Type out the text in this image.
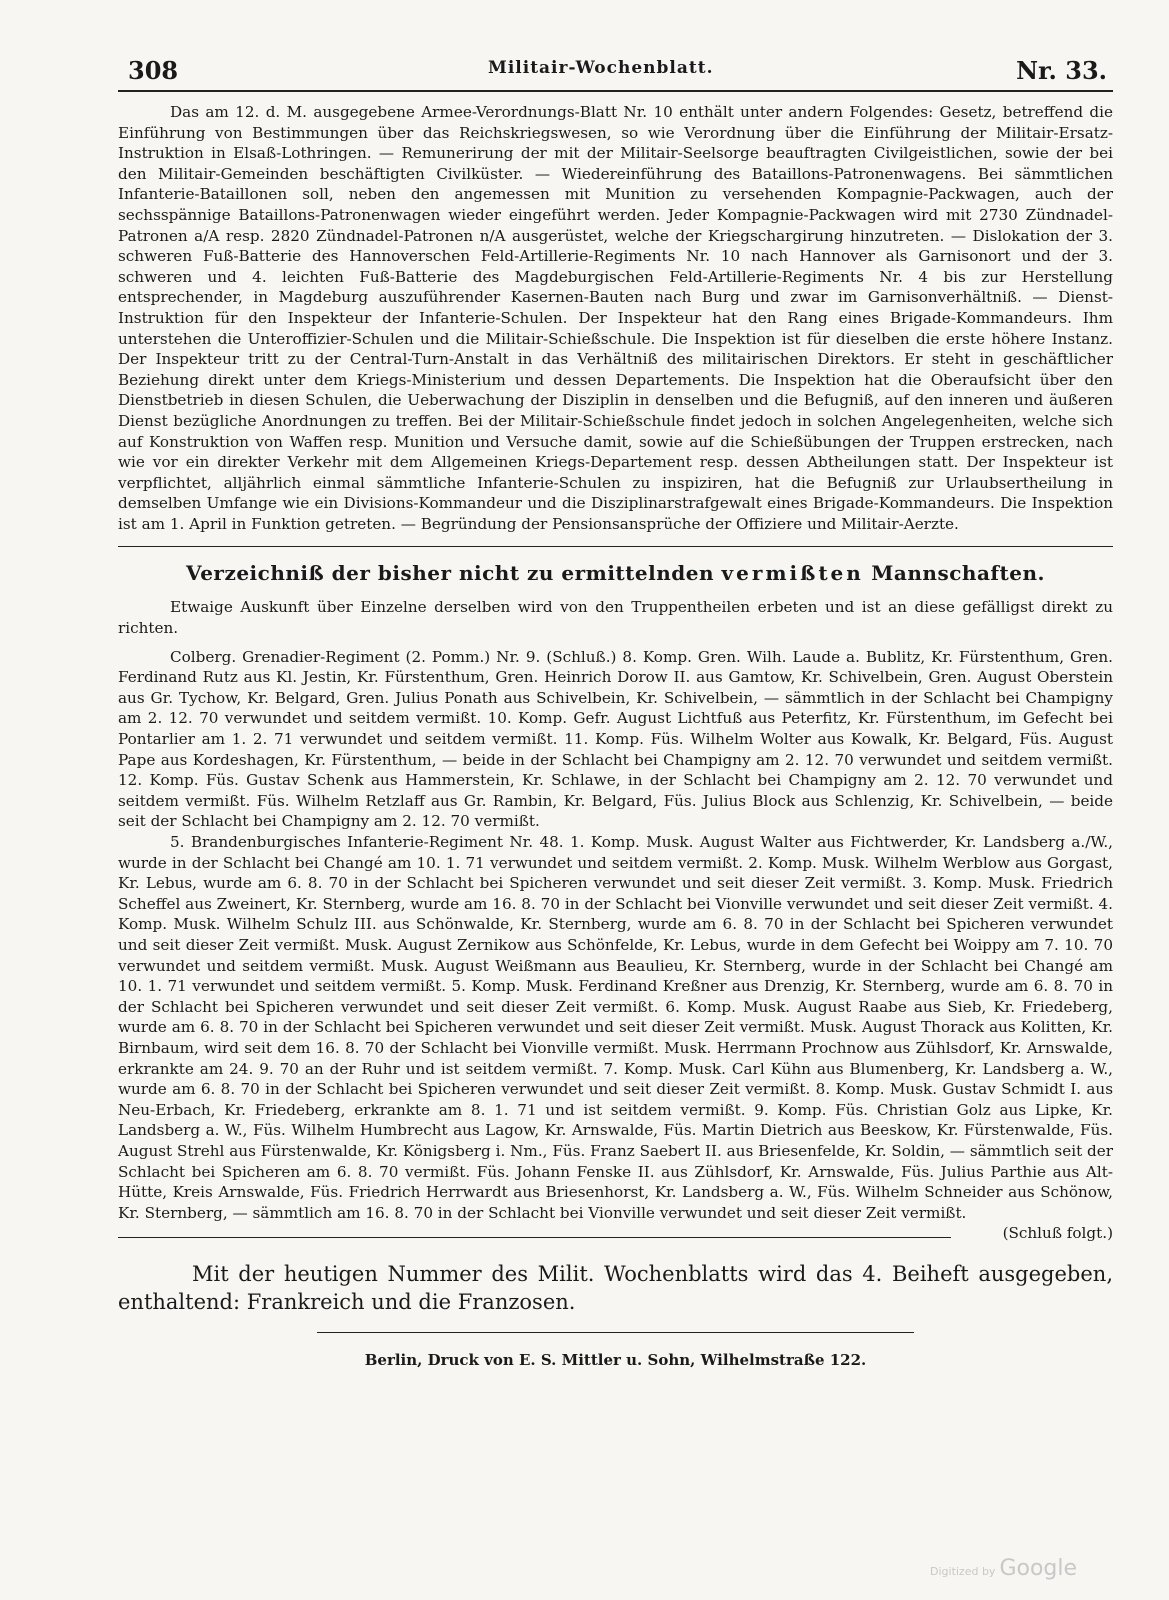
308	Militair-Wochenblatt.	Nr. 33.

Das am 12. d. M. ausgegebene Armee-Verordnungs-Blatt Nr. 10 enthält unter andern Folgendes: Gesetz, betreffend die Einführung von Bestimmungen über das Reichskriegswesen, so wie Verordnung über die Einführung der Militair-Ersatz-Instruktion in Elsaß-Lothringen. — Remunerirung der mit der Militair-Seelsorge beauftragten Civilgeistlichen, sowie der bei den Militair-Gemeinden beschäftigten Civilküster. — Wiedereinführung des Bataillons-Patronenwagens. Bei sämmtlichen Infanterie-Bataillonen soll, neben den angemessen mit Munition zu versehenden Kompagnie-Packwagen, auch der sechsspännige Bataillons-Patronenwagen wieder eingeführt werden. Jeder Kompagnie-Packwagen wird mit 2730 Zündnadel-Patronen a/A resp. 2820 Zündnadel-Patronen n/A ausgerüstet, welche der Kriegschargirung hinzutreten. — Dislokation der 3. schweren Fuß-Batterie des Hannoverschen Feld-Artillerie-Regiments Nr. 10 nach Hannover als Garnisonort und der 3. schweren und 4. leichten Fuß-Batterie des Magdeburgischen Feld-Artillerie-Regiments Nr. 4 bis zur Herstellung entsprechender, in Magdeburg auszuführender Kasernen-Bauten nach Burg und zwar im Garnisonverhältniß. — Dienst-Instruktion für den Inspekteur der Infanterie-Schulen. Der Inspekteur hat den Rang eines Brigade-Kommandeurs. Ihm unterstehen die Unteroffizier-Schulen und die Militair-Schießschule. Die Inspektion ist für dieselben die erste höhere Instanz. Der Inspekteur tritt zu der Central-Turn-Anstalt in das Verhältniß des militairischen Direktors. Er steht in geschäftlicher Beziehung direkt unter dem Kriegs-Ministerium und dessen Departements. Die Inspektion hat die Oberaufsicht über den Dienstbetrieb in diesen Schulen, die Ueberwachung der Disziplin in denselben und die Befugniß, auf den inneren und äußeren Dienst bezügliche Anordnungen zu treffen. Bei der Militair-Schießschule findet jedoch in solchen Angelegenheiten, welche sich auf Konstruktion von Waffen resp. Munition und Versuche damit, sowie auf die Schießübungen der Truppen erstrecken, nach wie vor ein direkter Verkehr mit dem Allgemeinen Kriegs-Departement resp. dessen Abtheilungen statt. Der Inspekteur ist verpflichtet, alljährlich einmal sämmtliche Infanterie-Schulen zu inspiziren, hat die Befugniß zur Urlaubsertheilung in demselben Umfange wie ein Divisions-Kommandeur und die Disziplinarstrafgewalt eines Brigade-Kommandeurs. Die Inspektion ist am 1. April in Funktion getreten. — Begründung der Pensionsansprüche der Offiziere und Militair-Aerzte.

Verzeichniß der bisher nicht zu ermittelnden vermißten Mannschaften.

Etwaige Auskunft über Einzelne derselben wird von den Truppentheilen erbeten und ist an diese gefälligst direkt zu richten.

Colberg. Grenadier-Regiment (2. Pomm.) Nr. 9. (Schluß.) 8. Komp. Gren. Wilh. Laude a. Bublitz, Kr. Fürstenthum, Gren. Ferdinand Rutz aus Kl. Jestin, Kr. Fürstenthum, Gren. Heinrich Dorow II. aus Gamtow, Kr. Schivelbein, Gren. August Oberstein aus Gr. Tychow, Kr. Belgard, Gren. Julius Ponath aus Schivelbein, Kr. Schivelbein, — sämmtlich in der Schlacht bei Champigny am 2. 12. 70 verwundet und seitdem vermißt. 10. Komp. Gefr. August Lichtfuß aus Peterfitz, Kr. Fürstenthum, im Gefecht bei Pontarlier am 1. 2. 71 verwundet und seitdem vermißt. 11. Komp. Füs. Wilhelm Wolter aus Kowalk, Kr. Belgard, Füs. August Pape aus Kordeshagen, Kr. Fürstenthum, — beide in der Schlacht bei Champigny am 2. 12. 70 verwundet und seitdem vermißt. 12. Komp. Füs. Gustav Schenk aus Hammerstein, Kr. Schlawe, in der Schlacht bei Champigny am 2. 12. 70 verwundet und seitdem vermißt. Füs. Wilhelm Retzlaff aus Gr. Rambin, Kr. Belgard, Füs. Julius Block aus Schlenzig, Kr. Schivelbein, — beide seit der Schlacht bei Champigny am 2. 12. 70 vermißt.

5. Brandenburgisches Infanterie-Regiment Nr. 48. 1. Komp. Musk. August Walter aus Fichtwerder, Kr. Landsberg a./W., wurde in der Schlacht bei Changé am 10. 1. 71 verwundet und seitdem vermißt. 2. Komp. Musk. Wilhelm Werblow aus Gorgast, Kr. Lebus, wurde am 6. 8. 70 in der Schlacht bei Spicheren verwundet und seit dieser Zeit vermißt. 3. Komp. Musk. Friedrich Scheffel aus Zweinert, Kr. Sternberg, wurde am 16. 8. 70 in der Schlacht bei Vionville verwundet und seit dieser Zeit vermißt. 4. Komp. Musk. Wilhelm Schulz III. aus Schönwalde, Kr. Sternberg, wurde am 6. 8. 70 in der Schlacht bei Spicheren verwundet und seit dieser Zeit vermißt. Musk. August Zernikow aus Schönfelde, Kr. Lebus, wurde in dem Gefecht bei Woippy am 7. 10. 70 verwundet und seitdem vermißt. Musk. August Weißmann aus Beaulieu, Kr. Sternberg, wurde in der Schlacht bei Changé am 10. 1. 71 verwundet und seitdem vermißt. 5. Komp. Musk. Ferdinand Kreßner aus Drenzig, Kr. Sternberg, wurde am 6. 8. 70 in der Schlacht bei Spicheren verwundet und seit dieser Zeit vermißt. 6. Komp. Musk. August Raabe aus Sieb, Kr. Friedeberg, wurde am 6. 8. 70 in der Schlacht bei Spicheren verwundet und seit dieser Zeit vermißt. Musk. August Thorack aus Kolitten, Kr. Birnbaum, wird seit dem 16. 8. 70 der Schlacht bei Vionville vermißt. Musk. Herrmann Prochnow aus Zühlsdorf, Kr. Arnswalde, erkrankte am 24. 9. 70 an der Ruhr und ist seitdem vermißt. 7. Komp. Musk. Carl Kühn aus Blumenberg, Kr. Landsberg a. W., wurde am 6. 8. 70 in der Schlacht bei Spicheren verwundet und seit dieser Zeit vermißt. 8. Komp. Musk. Gustav Schmidt I. aus Neu-Erbach, Kr. Friedeberg, erkrankte am 8. 1. 71 und ist seitdem vermißt. 9. Komp. Füs. Christian Golz aus Lipke, Kr. Landsberg a. W., Füs. Wilhelm Humbrecht aus Lagow, Kr. Arnswalde, Füs. Martin Dietrich aus Beeskow, Kr. Fürstenwalde, Füs. August Strehl aus Fürstenwalde, Kr. Königsberg i. Nm., Füs. Franz Saebert II. aus Briesenfelde, Kr. Soldin, — sämmtlich seit der Schlacht bei Spicheren am 6. 8. 70 vermißt. Füs. Johann Fenske II. aus Zühlsdorf, Kr. Arnswalde, Füs. Julius Parthie aus Alt-Hütte, Kreis Arnswalde, Füs. Friedrich Herrwardt aus Briesenhorst, Kr. Landsberg a. W., Füs. Wilhelm Schneider aus Schönow, Kr. Sternberg, — sämmtlich am 16. 8. 70 in der Schlacht bei Vionville verwundet und seit dieser Zeit vermißt.
(Schluß folgt.)

Mit der heutigen Nummer des Milit. Wochenblatts wird das 4. Beiheft ausgegeben, enthaltend: Frankreich und die Franzosen.

Berlin, Druck von E. S. Mittler u. Sohn, Wilhelmstraße 122.
Digitized by Google
